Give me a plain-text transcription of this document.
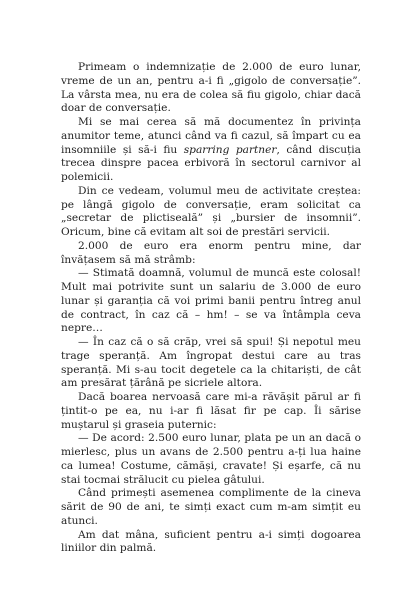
Primeam o indemnizație de 2.000 de euro lunar, vreme de un an, pentru a-i fi „gigolo de conversație”. La vârsta mea, nu era de colea să fiu gigolo, chiar dacă doar de conversație.

Mi se mai cerea să mă documentez în privința anumitor teme, atunci când va fi cazul, să împart cu ea insomniile și să-i fiu sparring partner, când discuția trecea dinspre pacea erbivoră în sectorul carnivor al polemicii.

Din ce vedeam, volumul meu de activitate creștea: pe lângă gigolo de conversație, eram solicitat ca „secretar de plictiseală” și „bursier de insomnii”. Oricum, bine că evitam alt soi de prestări servicii.

2.000 de euro era enorm pentru mine, dar învățasem să mă strâmb:

— Stimată doamnă, volumul de muncă este colosal! Mult mai potrivite sunt un salariu de 3.000 de euro lunar și garanția că voi primi banii pentru întreg anul de contract, în caz că – hm! – se va întâmpla ceva nepre…

— În caz că o să crăp, vrei să spui! Și nepotul meu trage speranță. Am îngropat destui care au tras speranță. Mi s-au tocit degetele ca la chitariști, de cât am presărat țărână pe sicriele altora.

Dacă boarea nervoasă care mi-a răvășit părul ar fi țintit-o pe ea, nu i-ar fi lăsat fir pe cap. Îi sărise muștarul și graseia puternic:

— De acord: 2.500 euro lunar, plata pe un an dacă o mierlesc, plus un avans de 2.500 pentru a-ți lua haine ca lumea! Costume, cămăși, cravate! Și eșarfe, că nu stai tocmai strălucit cu pielea gâtului.

Când primești asemenea complimente de la cineva sărit de 90 de ani, te simți exact cum m-am simțit eu atunci.

Am dat mâna, suficient pentru a-i simți dogoarea liniilor din palmă.
